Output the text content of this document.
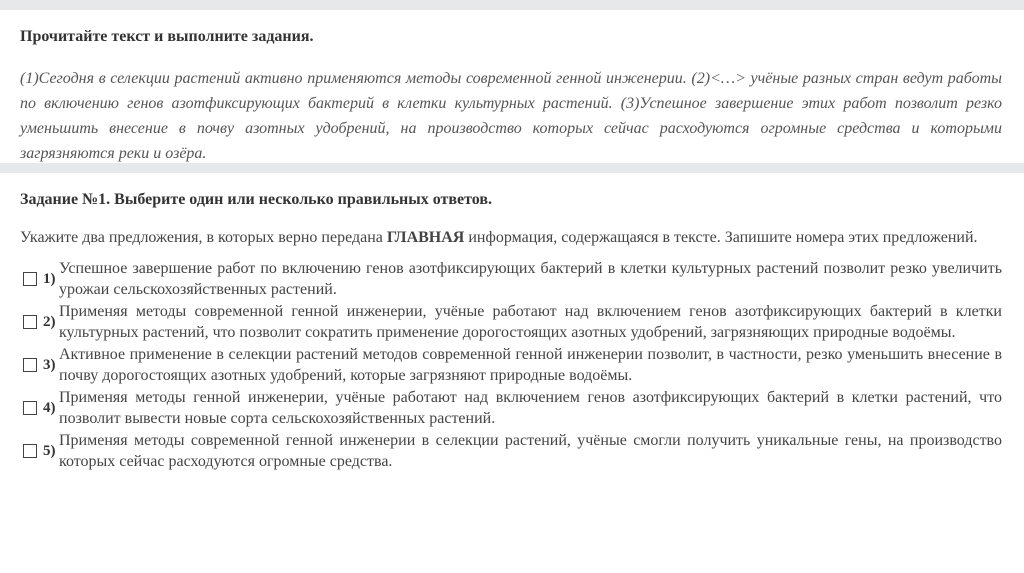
Прочитайте текст и выполните задания.
(1)Сегодня в селекции растений активно применяются методы современной генной инженерии. (2)<…> учёные разных стран ведут работы по включению генов азотфиксирующих бактерий в клетки культурных растений. (3)Успешное завершение этих работ позволит резко уменьшить внесение в почву азотных удобрений, на производство которых сейчас расходуются огромные средства и которыми загрязняются реки и озёра.
Задание №1. Выберите один или несколько правильных ответов.
Укажите два предложения, в которых верно передана ГЛАВНАЯ информация, содержащаяся в тексте. Запишите номера этих предложений.
1)
Успешное завершение работ по включению генов азотфиксирующих бактерий в клетки культурных растений позволит резко увеличить урожаи сельскохозяйственных растений.
2)
Применяя методы современной генной инженерии, учёные работают над включением генов азотфиксирующих бактерий в клетки культурных растений, что позволит сократить применение дорогостоящих азотных удобрений, загрязняющих природные водоёмы.
3)
Активное применение в селекции растений методов современной генной инженерии позволит, в частности, резко уменьшить внесение в почву дорогостоящих азотных удобрений, которые загрязняют природные водоёмы.
4)
Применяя методы генной инженерии, учёные работают над включением генов азотфиксирующих бактерий в клетки растений, что позволит вывести новые сорта сельскохозяйственных растений.
5)
Применяя методы современной генной инженерии в селекции растений, учёные смогли получить уникальные гены, на производство которых сейчас расходуются огромные средства.
